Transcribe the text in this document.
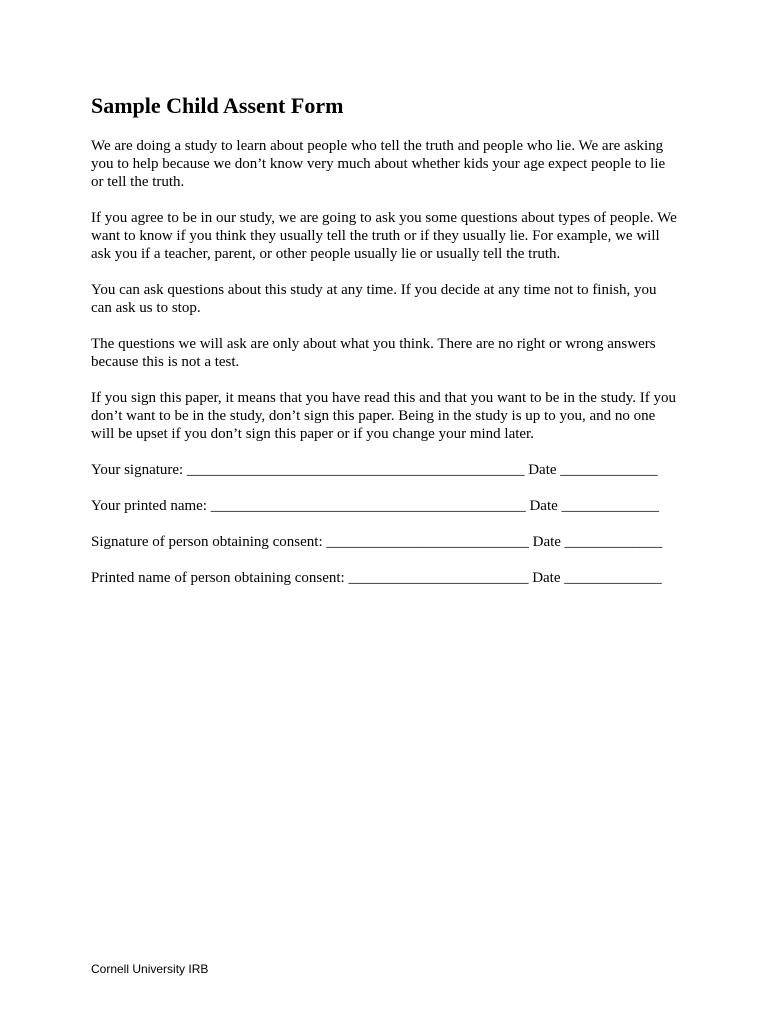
Sample Child Assent Form

We are doing a study to learn about people who tell the truth and people who lie. We are asking you to help because we don’t know very much about whether kids your age expect people to lie or tell the truth.

If you agree to be in our study, we are going to ask you some questions about types of people. We want to know if you think they usually tell the truth or if they usually lie. For example, we will ask you if a teacher, parent, or other people usually lie or usually tell the truth.

You can ask questions about this study at any time. If you decide at any time not to finish, you can ask us to stop.

The questions we will ask are only about what you think. There are no right or wrong answers because this is not a test.

If you sign this paper, it means that you have read this and that you want to be in the study. If you don’t want to be in the study, don’t sign this paper. Being in the study is up to you, and no one will be upset if you don’t sign this paper or if you change your mind later.

Your signature: _____________________________________________ Date _____________
Your printed name: __________________________________________ Date _____________
Signature of person obtaining consent: ___________________________ Date _____________
Printed name of person obtaining consent: ________________________ Date _____________
Cornell University IRB
